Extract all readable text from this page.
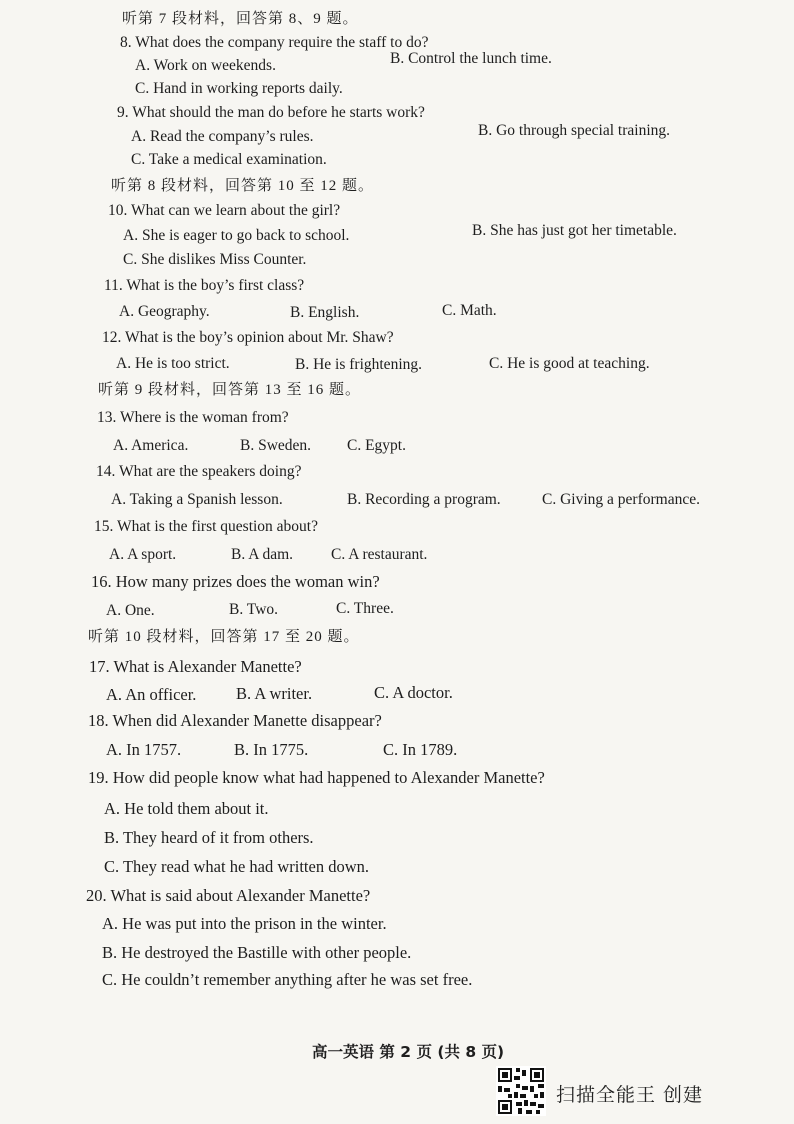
听第 7 段材料，回答第 8、9 题。
8. What does the company require the staff to do?
A. Work on weekends.	B. Control the lunch time.
C. Hand in working reports daily.
9. What should the man do before he starts work?
A. Read the company’s rules.	B. Go through special training.
C. Take a medical examination.
听第 8 段材料，回答第 10 至 12 题。
10. What can we learn about the girl?
A. She is eager to go back to school.	B. She has just got her timetable.
C. She dislikes Miss Counter.
11. What is the boy’s first class?
A. Geography.	B. English.	C. Math.
12. What is the boy’s opinion about Mr. Shaw?
A. He is too strict.	B. He is frightening.	C. He is good at teaching.
听第 9 段材料，回答第 13 至 16 题。
13. Where is the woman from?
A. America.	B. Sweden. C. Egypt.
14. What are the speakers doing?
A. Taking a Spanish lesson.	B. Recording a program.	C. Giving a performance.
15. What is the first question about?
A. A sport.	B. A dam. C. A restaurant.
16. How many prizes does the woman win?
A. One.	B. Two.	C. Three.
听第 10 段材料，回答第 17 至 20 题。
17. What is Alexander Manette?
A. An officer. B. A writer.	C. A doctor.
18. When did Alexander Manette disappear?
A. In 1757.	B. In 1775.	C. In 1789.
19. How did people know what had happened to Alexander Manette?
A. He told them about it.
B. They heard of it from others.
C. They read what he had written down.
20. What is said about Alexander Manette?
A. He was put into the prison in the winter.
B. He destroyed the Bastille with other people.
C. He couldn’t remember anything after he was set free.
高一英语 第 2 页 (共 8 页)
扫描全能王 创建
